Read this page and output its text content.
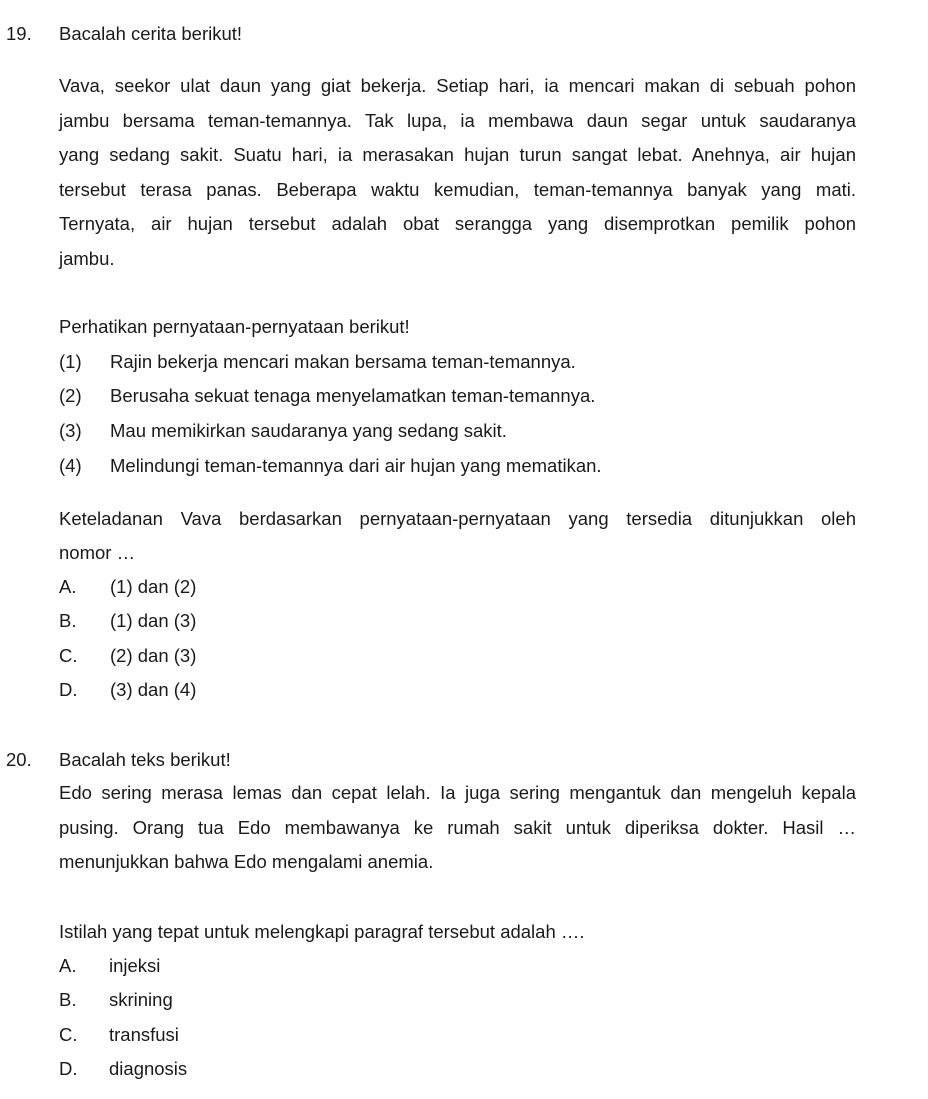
19. Bacalah cerita berikut!
Vava, seekor ulat daun yang giat bekerja. Setiap hari, ia mencari makan di sebuah pohon
jambu bersama teman-temannya. Tak lupa, ia membawa daun segar untuk saudaranya
yang sedang sakit. Suatu hari, ia merasakan hujan turun sangat lebat. Anehnya, air hujan
tersebut terasa panas. Beberapa waktu kemudian, teman-temannya banyak yang mati.
Ternyata, air hujan tersebut adalah obat serangga yang disemprotkan pemilik pohon
jambu.
Perhatikan pernyataan-pernyataan berikut!
(1) Rajin bekerja mencari makan bersama teman-temannya.
(2) Berusaha sekuat tenaga menyelamatkan teman-temannya.
(3) Mau memikirkan saudaranya yang sedang sakit.
(4) Melindungi teman-temannya dari air hujan yang mematikan.
Keteladanan Vava berdasarkan pernyataan-pernyataan yang tersedia ditunjukkan oleh
nomor …
A. (1) dan (2)
B. (1) dan (3)
C. (2) dan (3)
D. (3) dan (4)
20. Bacalah teks berikut!
Edo sering merasa lemas dan cepat lelah. Ia juga sering mengantuk dan mengeluh kepala
pusing. Orang tua Edo membawanya ke rumah sakit untuk diperiksa dokter. Hasil …
menunjukkan bahwa Edo mengalami anemia.
Istilah yang tepat untuk melengkapi paragraf tersebut adalah ….
A. injeksi
B. skrining
C. transfusi
D. diagnosis
